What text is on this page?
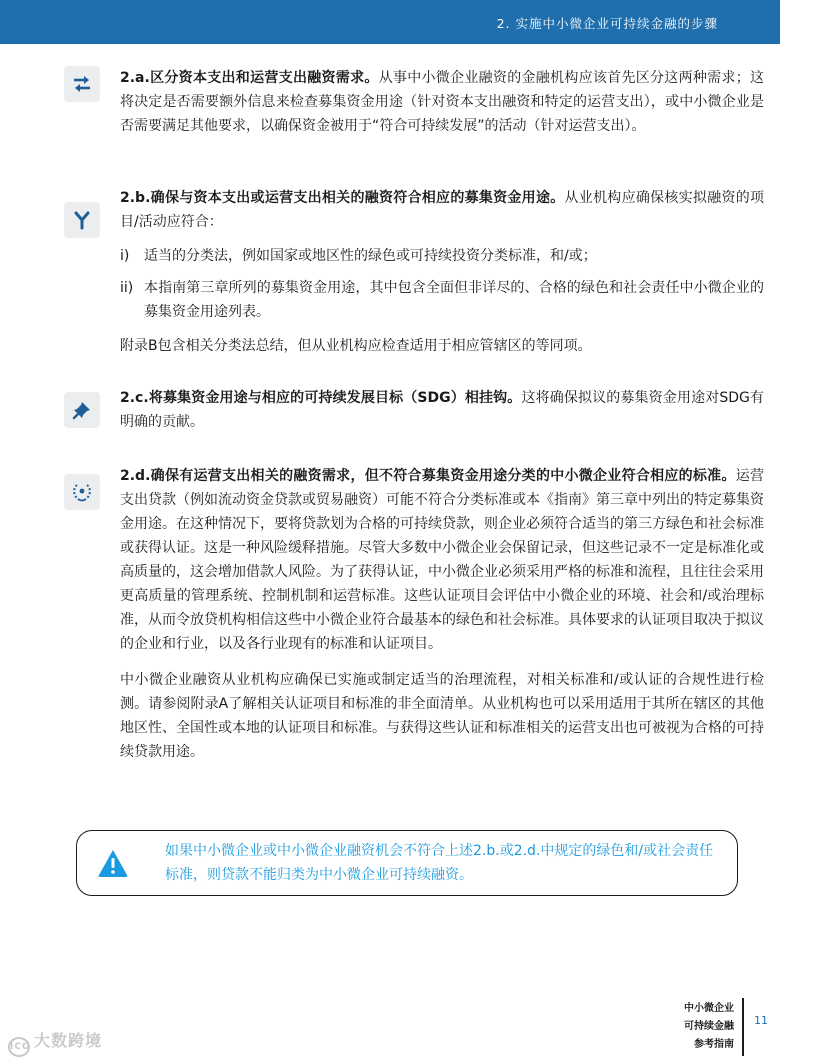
2. 实施中小微企业可持续金融的步骤

2.a.区分资本支出和运营支出融资需求。从事中小微企业融资的金融机构应该首先区分这两种需求；这将决定是否需要额外信息来检查募集资金用途（针对资本支出融资和特定的运营支出），或中小微企业是否需要满足其他要求，以确保资金被用于“符合可持续发展”的活动（针对运营支出）。

2.b.确保与资本支出或运营支出相关的融资符合相应的募集资金用途。从业机构应确保核实拟融资的项目/活动应符合：

i) 适当的分类法，例如国家或地区性的绿色或可持续投资分类标准，和/或；
ii) 本指南第三章所列的募集资金用途，其中包含全面但非详尽的、合格的绿色和社会责任中小微企业的募集资金用途列表。

附录B包含相关分类法总结，但从业机构应检查适用于相应管辖区的等同项。

2.c.将募集资金用途与相应的可持续发展目标（SDG）相挂钩。这将确保拟议的募集资金用途对SDG有明确的贡献。

2.d.确保有运营支出相关的融资需求，但不符合募集资金用途分类的中小微企业符合相应的标准。运营支出贷款（例如流动资金贷款或贸易融资）可能不符合分类标准或本《指南》第三章中列出的特定募集资金用途。在这种情况下，要将贷款划为合格的可持续贷款，则企业必须符合适当的第三方绿色和社会标准或获得认证。这是一种风险缓释措施。尽管大多数中小微企业会保留记录，但这些记录不一定是标准化或高质量的，这会增加借款人风险。为了获得认证，中小微企业必须采用严格的标准和流程，且往往会采用更高质量的管理系统、控制机制和运营标准。这些认证项目会评估中小微企业的环境、社会和/或治理标准，从而令放贷机构相信这些中小微企业符合最基本的绿色和社会标准。具体要求的认证项目取决于拟议的企业和行业，以及各行业现有的标准和认证项目。

中小微企业融资从业机构应确保已实施或制定适当的治理流程，对相关标准和/或认证的合规性进行检测。请参阅附录A了解相关认证项目和标准的非全面清单。从业机构也可以采用适用于其所在辖区的其他地区性、全国性或本地的认证项目和标准。与获得这些认证和标准相关的运营支出也可被视为合格的可持续贷款用途。

如果中小微企业或中小微企业融资机会不符合上述2.b.或2.d.中规定的绿色和/或社会责任标准，则贷款不能归类为中小微企业可持续融资。
中小微企业
可持续金融
参考指南
11
ICO 大数跨境
